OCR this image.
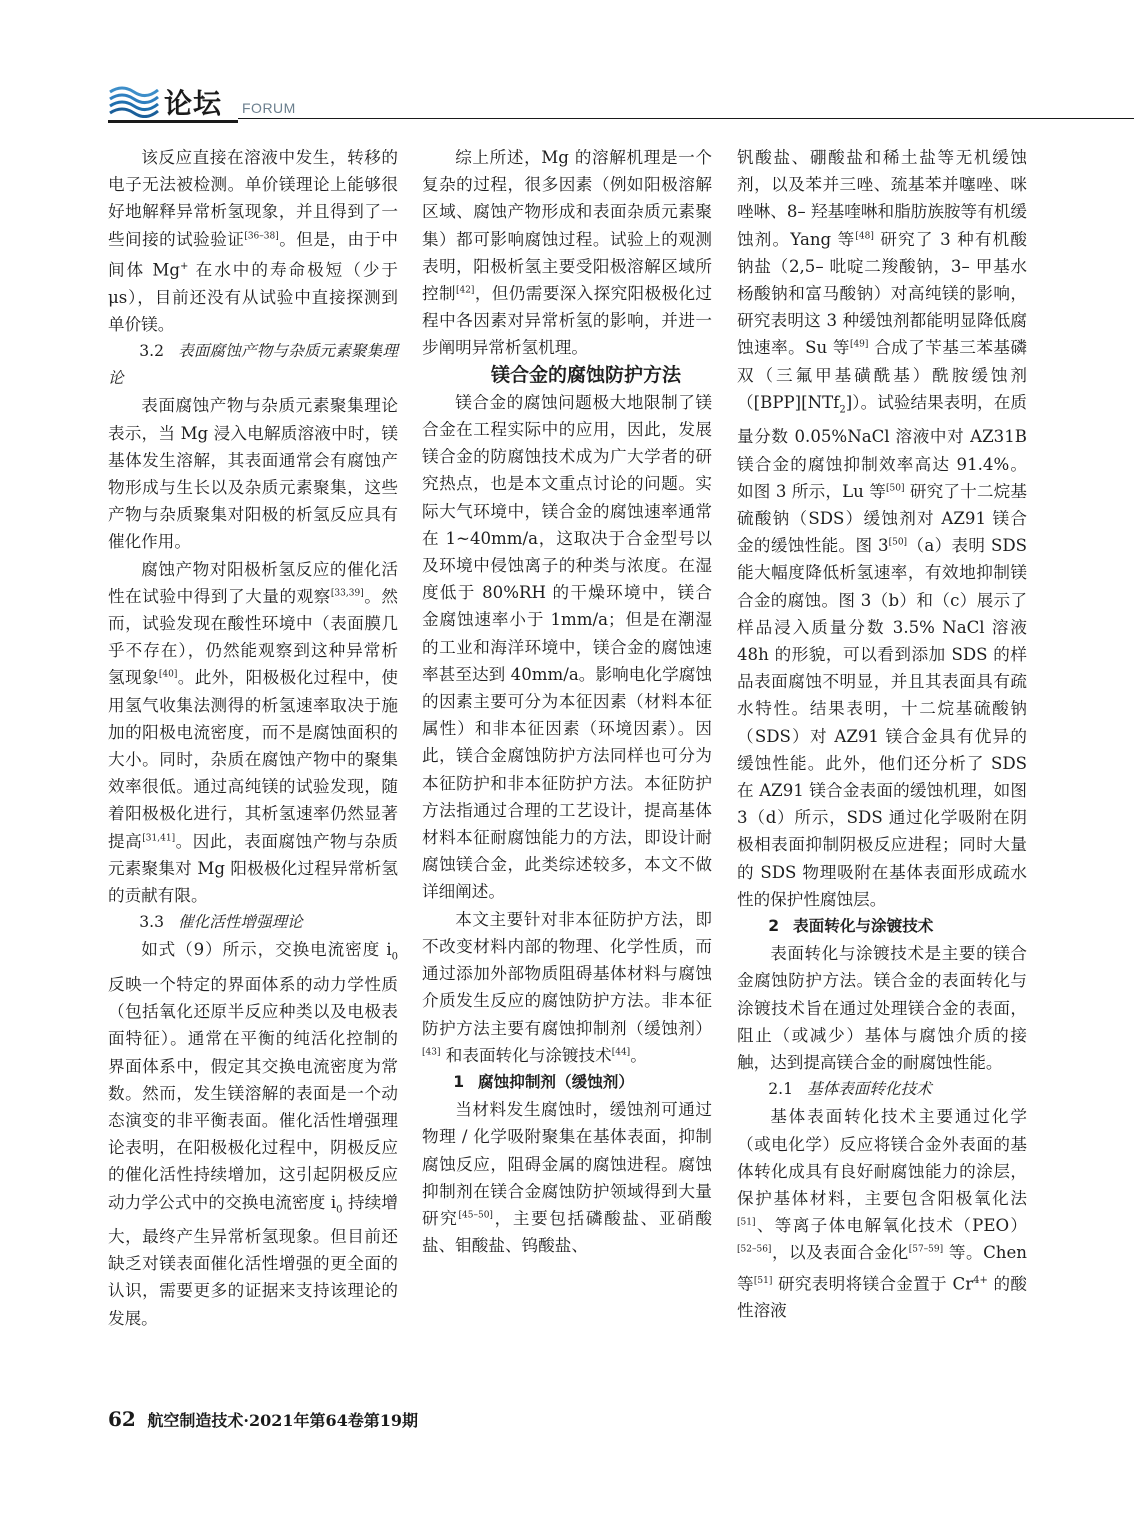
论坛 FORUM

该反应直接在溶液中发生，转移的电子无法被检测。单价镁理论上能够很好地解释异常析氢现象，并且得到了一些间接的试验验证[36–38]。但是，由于中间体 Mg+ 在水中的寿命极短（少于μs），目前还没有从试验中直接探测到单价镁。

3.2 表面腐蚀产物与杂质元素聚集理论

表面腐蚀产物与杂质元素聚集理论表示，当 Mg 浸入电解质溶液中时，镁基体发生溶解，其表面通常会有腐蚀产物形成与生长以及杂质元素聚集，这些产物与杂质聚集对阳极的析氢反应具有催化作用。

腐蚀产物对阳极析氢反应的催化活性在试验中得到了大量的观察[33,39]。然而，试验发现在酸性环境中（表面膜几乎不存在），仍然能观察到这种异常析氢现象[40]。此外，阳极极化过程中，使用氢气收集法测得的析氢速率取决于施加的阳极电流密度，而不是腐蚀面积的大小。同时，杂质在腐蚀产物中的聚集效率很低。通过高纯镁的试验发现，随着阳极极化进行，其析氢速率仍然显著提高[31,41]。因此，表面腐蚀产物与杂质元素聚集对 Mg 阳极极化过程异常析氢的贡献有限。

3.3 催化活性增强理论

如式（9）所示，交换电流密度 $i_0$ 反映一个特定的界面体系的动力学性质（包括氧化还原半反应种类以及电极表面特征）。通常在平衡的纯活化控制的界面体系中，假定其交换电流密度为常数。然而，发生镁溶解的表面是一个动态演变的非平衡表面。催化活性增强理论表明，在阳极极化过程中，阴极反应的催化活性持续增加，这引起阴极反应动力学公式中的交换电流密度 $i_0$ 持续增大，最终产生异常析氢现象。但目前还缺乏对镁表面催化活性增强的更全面的认识，需要更多的证据来支持该理论的发展。

综上所述，Mg 的溶解机理是一个复杂的过程，很多因素（例如阳极溶解区域、腐蚀产物形成和表面杂质元素聚集）都可影响腐蚀过程。试验上的观测表明，阳极析氢主要受阳极溶解区域所控制[42]，但仍需要深入探究阳极极化过程中各因素对异常析氢的影响，并进一步阐明异常析氢机理。

镁合金的腐蚀防护方法

镁合金的腐蚀问题极大地限制了镁合金在工程实际中的应用，因此，发展镁合金的防腐蚀技术成为广大学者的研究热点，也是本文重点讨论的问题。实际大气环境中，镁合金的腐蚀速率通常在 1~40mm/a，这取决于合金型号以及环境中侵蚀离子的种类与浓度。在湿度低于 80%RH 的干燥环境中，镁合金腐蚀速率小于 1mm/a；但是在潮湿的工业和海洋环境中，镁合金的腐蚀速率甚至达到 40mm/a。影响电化学腐蚀的因素主要可分为本征因素（材料本征属性）和非本征因素（环境因素）。因此，镁合金腐蚀防护方法同样也可分为本征防护和非本征防护方法。本征防护方法指通过合理的工艺设计，提高基体材料本征耐腐蚀能力的方法，即设计耐腐蚀镁合金，此类综述较多，本文不做详细阐述。

本文主要针对非本征防护方法，即不改变材料内部的物理、化学性质，而通过添加外部物质阻碍基体材料与腐蚀介质发生反应的腐蚀防护方法。非本征防护方法主要有腐蚀抑制剂（缓蚀剂）[43] 和表面转化与涂镀技术[44]。

1 腐蚀抑制剂（缓蚀剂）

当材料发生腐蚀时，缓蚀剂可通过物理 / 化学吸附聚集在基体表面，抑制腐蚀反应，阻碍金属的腐蚀进程。腐蚀抑制剂在镁合金腐蚀防护领域得到大量研究[45–50]，主要包括磷酸盐、亚硝酸盐、钼酸盐、钨酸盐、

钒酸盐、硼酸盐和稀土盐等无机缓蚀剂，以及苯并三唑、巯基苯并噻唑、咪唑啉、8– 羟基喹啉和脂肪族胺等有机缓蚀剂。Yang 等[48] 研究了 3 种有机酸钠盐（2,5– 吡啶二羧酸钠，3– 甲基水杨酸钠和富马酸钠）对高纯镁的影响，研究表明这 3 种缓蚀剂都能明显降低腐蚀速率。Su 等[49] 合成了苄基三苯基磷双（三氟甲基磺酰基）酰胺缓蚀剂（[BPP][NTf$_2$]）。试验结果表明，在质量分数 0.05%NaCl 溶液中对 AZ31B 镁合金的腐蚀抑制效率高达 91.4%。如图 3 所示，Lu 等[50] 研究了十二烷基硫酸钠（SDS）缓蚀剂对 AZ91 镁合金的缓蚀性能。图 3[50]（a）表明 SDS 能大幅度降低析氢速率，有效地抑制镁合金的腐蚀。图 3（b）和（c）展示了样品浸入质量分数 3.5% NaCl 溶液 48h 的形貌，可以看到添加 SDS 的样品表面腐蚀不明显，并且其表面具有疏水特性。结果表明，十二烷基硫酸钠（SDS）对 AZ91 镁合金具有优异的缓蚀性能。此外，他们还分析了 SDS 在 AZ91 镁合金表面的缓蚀机理，如图 3（d）所示，SDS 通过化学吸附在阴极相表面抑制阴极反应进程；同时大量的 SDS 物理吸附在基体表面形成疏水性的保护性腐蚀层。

2 表面转化与涂镀技术

表面转化与涂镀技术是主要的镁合金腐蚀防护方法。镁合金的表面转化与涂镀技术旨在通过处理镁合金的表面，阻止（或减少）基体与腐蚀介质的接触，达到提高镁合金的耐腐蚀性能。

2.1 基体表面转化技术

基体表面转化技术主要通过化学（或电化学）反应将镁合金外表面的基体转化成具有良好耐腐蚀能力的涂层，保护基体材料，主要包含阳极氧化法[51]、等离子体电解氧化技术（PEO）[52–56]，以及表面合金化[57–59] 等。Chen 等[51] 研究表明将镁合金置于 $Cr^{4+}$ 的酸性溶液

62 航空制造技术·2021年第64卷第19期
